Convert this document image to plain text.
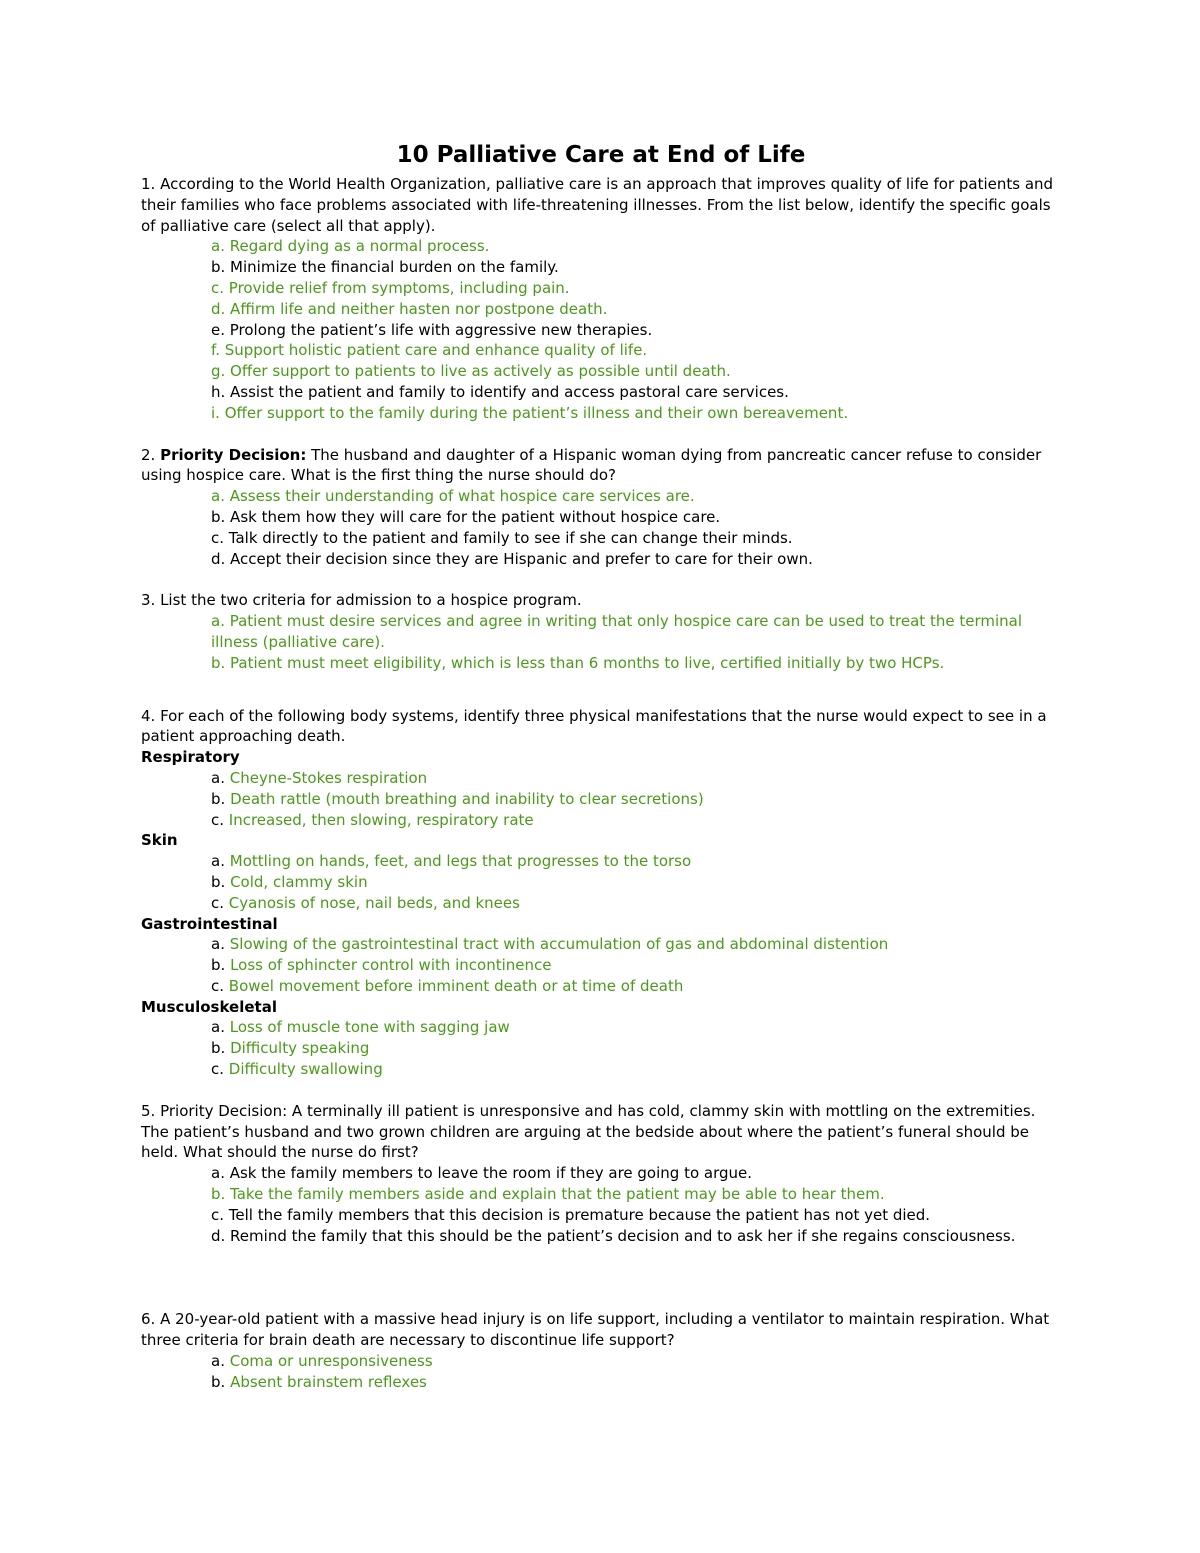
10 Palliative Care at End of Life

1. According to the World Health Organization, palliative care is an approach that improves quality of life for patients and their families who face problems associated with life-threatening illnesses. From the list below, identify the specific goals of palliative care (select all that apply).

a. Regard dying as a normal process.

b. Minimize the financial burden on the family.

c. Provide relief from symptoms, including pain.

d. Affirm life and neither hasten nor postpone death.

e. Prolong the patient’s life with aggressive new therapies.

f. Support holistic patient care and enhance quality of life.

g. Offer support to patients to live as actively as possible until death.

h. Assist the patient and family to identify and access pastoral care services.

i. Offer support to the family during the patient’s illness and their own bereavement.

2. Priority Decision: The husband and daughter of a Hispanic woman dying from pancreatic cancer refuse to consider using hospice care. What is the first thing the nurse should do?

a. Assess their understanding of what hospice care services are.

b. Ask them how they will care for the patient without hospice care.

c. Talk directly to the patient and family to see if she can change their minds.

d. Accept their decision since they are Hispanic and prefer to care for their own.

3. List the two criteria for admission to a hospice program.

a. Patient must desire services and agree in writing that only hospice care can be used to treat the terminal illness (palliative care).

b. Patient must meet eligibility, which is less than 6 months to live, certified initially by two HCPs.

4. For each of the following body systems, identify three physical manifestations that the nurse would expect to see in a patient approaching death.

Respiratory

a. Cheyne-Stokes respiration

b. Death rattle (mouth breathing and inability to clear secretions)

c. Increased, then slowing, respiratory rate

Skin

a. Mottling on hands, feet, and legs that progresses to the torso

b. Cold, clammy skin

c. Cyanosis of nose, nail beds, and knees

Gastrointestinal

a. Slowing of the gastrointestinal tract with accumulation of gas and abdominal distention

b. Loss of sphincter control with incontinence

c. Bowel movement before imminent death or at time of death

Musculoskeletal

a. Loss of muscle tone with sagging jaw

b. Difficulty speaking

c. Difficulty swallowing

5. Priority Decision: A terminally ill patient is unresponsive and has cold, clammy skin with mottling on the extremities. The patient’s husband and two grown children are arguing at the bedside about where the patient’s funeral should be held. What should the nurse do first?

a. Ask the family members to leave the room if they are going to argue.

b. Take the family members aside and explain that the patient may be able to hear them.

c. Tell the family members that this decision is premature because the patient has not yet died.

d. Remind the family that this should be the patient’s decision and to ask her if she regains consciousness.

6. A 20-year-old patient with a massive head injury is on life support, including a ventilator to maintain respiration. What three criteria for brain death are necessary to discontinue life support?

a. Coma or unresponsiveness

b. Absent brainstem reflexes
